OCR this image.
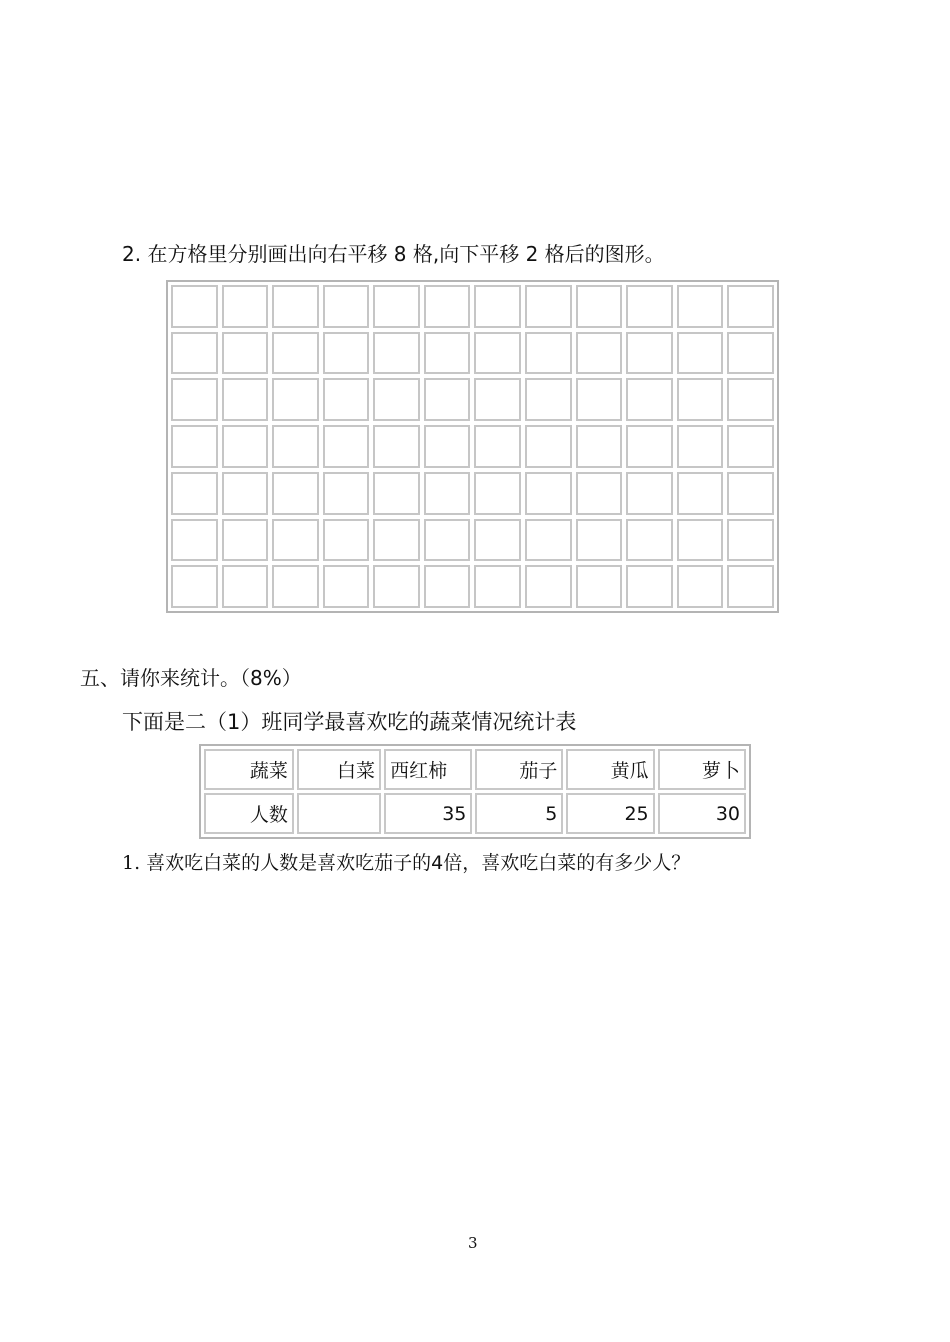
2. 在方格里分别画出向右平移 8 格,向下平移 2 格后的图形。
五、请你来统计。（8%）
下面是二（1）班同学最喜欢吃的蔬菜情况统计表
蔬菜	白菜	西红柿	茄子	黄瓜	萝卜
人数		35	5	25	30
1. 喜欢吃白菜的人数是喜欢吃茄子的4倍，喜欢吃白菜的有多少人？
3
